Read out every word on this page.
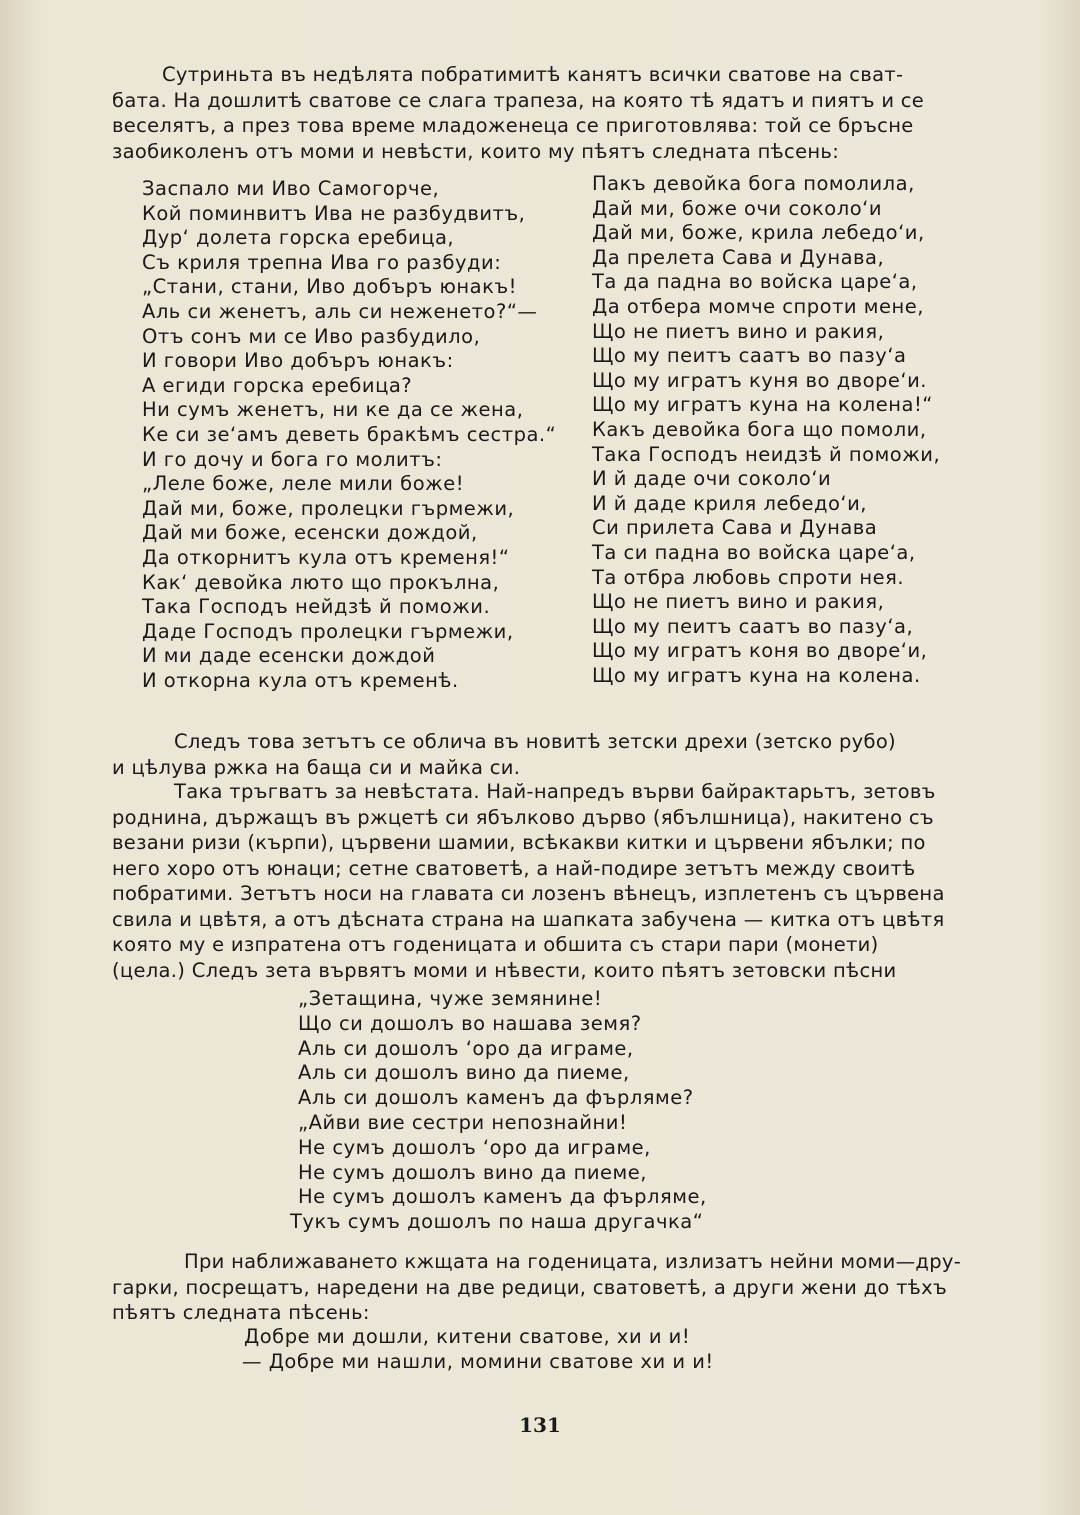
Сутриньта въ недѣлята побратимитѣ канятъ всички сватове на сват-
бата. На дошлитѣ сватове се слага трапеза, на която тѣ ядатъ и пиятъ и се
веселятъ, а през това време младоженеца се приготовлява: той се бръсне
заобиколенъ отъ моми и невѣсти, които му пѣятъ следната пѣсень:
Заспало ми Иво Самогорче,
Кой поминвитъ Ива не разбудвитъ,
Дур‘ долета горска еребица,
Съ криля трепна Ива го разбуди:
„Стани, стани, Иво добъръ юнакъ!
Аль си женетъ, аль си неженето?“—
Отъ сонъ ми се Иво разбудило,
И говори Иво добъръ юнакъ:
А егиди горска еребица?
Ни сумъ женетъ, ни ке да се жена,
Ке си зе‘амъ деветь бракѣмъ сестра.“
И го дочу и бога го молитъ:
„Леле боже, леле мили боже!
Дай ми, боже, пролецки гърмежи,
Дай ми боже, есенски дождой,
Да откорнитъ кула отъ кременя!“
Как‘ девойка люто що прокълна,
Така Господъ нейдзѣ й поможи.
Даде Господъ пролецки гърмежи,
И ми даде есенски дождой
И откорна кула отъ кременѣ.
Пакъ девойка бога помолила,
Дай ми, боже очи соколо‘и
Дай ми, боже, крила лебедо‘и,
Да прелета Сава и Дунава,
Та да падна во войска царе‘а,
Да отбера момче спроти мене,
Що не пиетъ вино и ракия,
Що му пеитъ саатъ во пазу‘а
Що му игратъ куня во дворе‘и.
Що му игратъ куна на колена!“
Какъ девойка бога що помоли,
Така Господъ неидзѣ й поможи,
И й даде очи соколо‘и
И й даде криля лебедо‘и,
Си прилета Сава и Дунава
Та си падна во войска царе‘а,
Та отбра любовь спроти нея.
Що не пиетъ вино и ракия,
Що му пеитъ саатъ во пазу‘а,
Що му игратъ коня во дворе‘и,
Що му игратъ куна на колена.
Следъ това зетътъ се облича въ новитѣ зетски дрехи (зетско рубо)
и цѣлува ржка на баща си и майка си.
Така тръгватъ за невѣстата. Най-напредъ върви байрактарьтъ, зетовъ
роднина, държащъ въ ржцетѣ си ябълково дърво (ябълшница), накитено съ
везани ризи (кърпи), цървени шамии, всѣкакви китки и цървени ябълки; по
него хоро отъ юнаци; сетне сватоветѣ, а най-подире зетътъ между своитѣ
побратими. Зетътъ носи на главата си лозенъ вѣнецъ, изплетенъ съ цървена
свила и цвѣтя, а отъ дѣсната страна на шапката забучена — китка отъ цвѣтя
която му е изпратена отъ годеницата и обшита съ стари пари (монети)
(цела.) Следъ зета вървятъ моми и нѣвести, които пѣятъ зетовски пѣсни
„Зетащина, чуже земянине!
Що си дошолъ во нашава земя?
Аль си дошолъ ‘оро да играме,
Аль си дошолъ вино да пиеме,
Аль си дошолъ каменъ да фърляме?
„Айви вие сестри непознайни!
Не сумъ дошолъ ‘оро да играме,
Не сумъ дошолъ вино да пиеме,
Не сумъ дошолъ каменъ да фърляме,
Тукъ сумъ дошолъ по наша другачка“
При наближаването кжщата на годеницата, излизатъ нейни моми—дру-
гарки, посрещатъ, наредени на две редици, сватоветѣ, а други жени до тѣхъ
пѣятъ следната пѣсень:
Добре ми дошли, китени сватове, хи и и!
— Добре ми нашли, момини сватове хи и и!
131
